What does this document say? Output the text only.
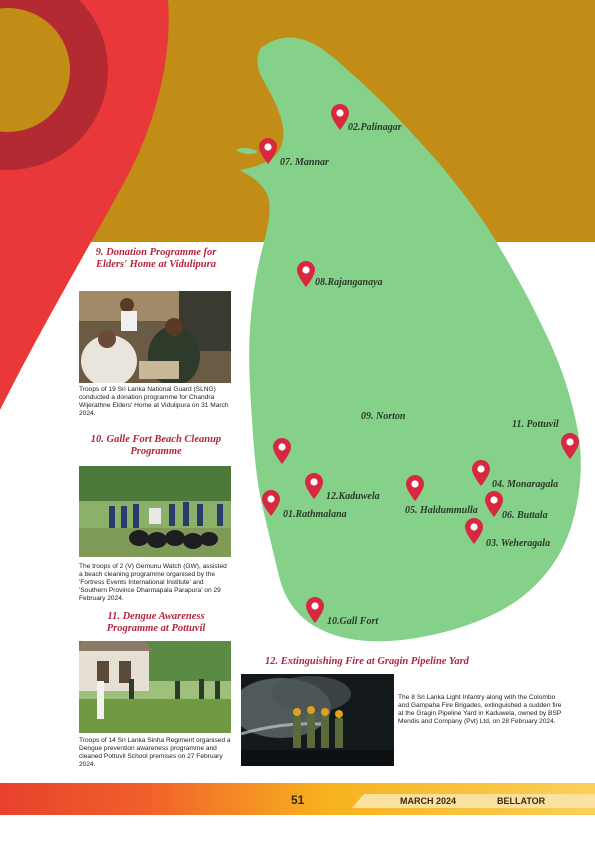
02.Palinagar
07. Mannar
08.Rajanganaya
09. Norton
11. Pottuvil
12.Kaduwela
01.Rathmalana	05. Haldummulla
04. Monaragala
06. Buttala
03. Weheragala
10.Gall Fort
9. Donation Programme for Elders' Home at Vidulipura
Troops of 19 Sri Lanka National Guard (SLNG) conducted a donation programme for Chandra Wijerathne Elders' Home at Vidulipura on 31 March 2024.
10. Galle Fort Beach Cleanup Programme
The troops of 2 (V) Gemunu Watch (GW), assisted a beach cleaning programme organised by the 'Fortress Events International Institute' and 'Southern Province Dharmapala Parapura' on 29 February 2024.
11. Dengue Awareness Programme at Pottuvil
Troops of 14 Sri Lanka Sinha Regiment organised a Dengue prevention awareness programme and cleaned Pottuvil School premises on 27 February 2024.
12. Extinguishing Fire at Gragin Pipeline Yard
The 8 Sri Lanka Light Infantry along with the Colombo and Gampaha Fire Brigades, extinguished a sudden fire at the Gragin Pipeline Yard in Kaduwela, owned by BSP Mendis and Company (Pvt) Ltd, on 28 February 2024.
51	MARCH 2024	BELLATOR
